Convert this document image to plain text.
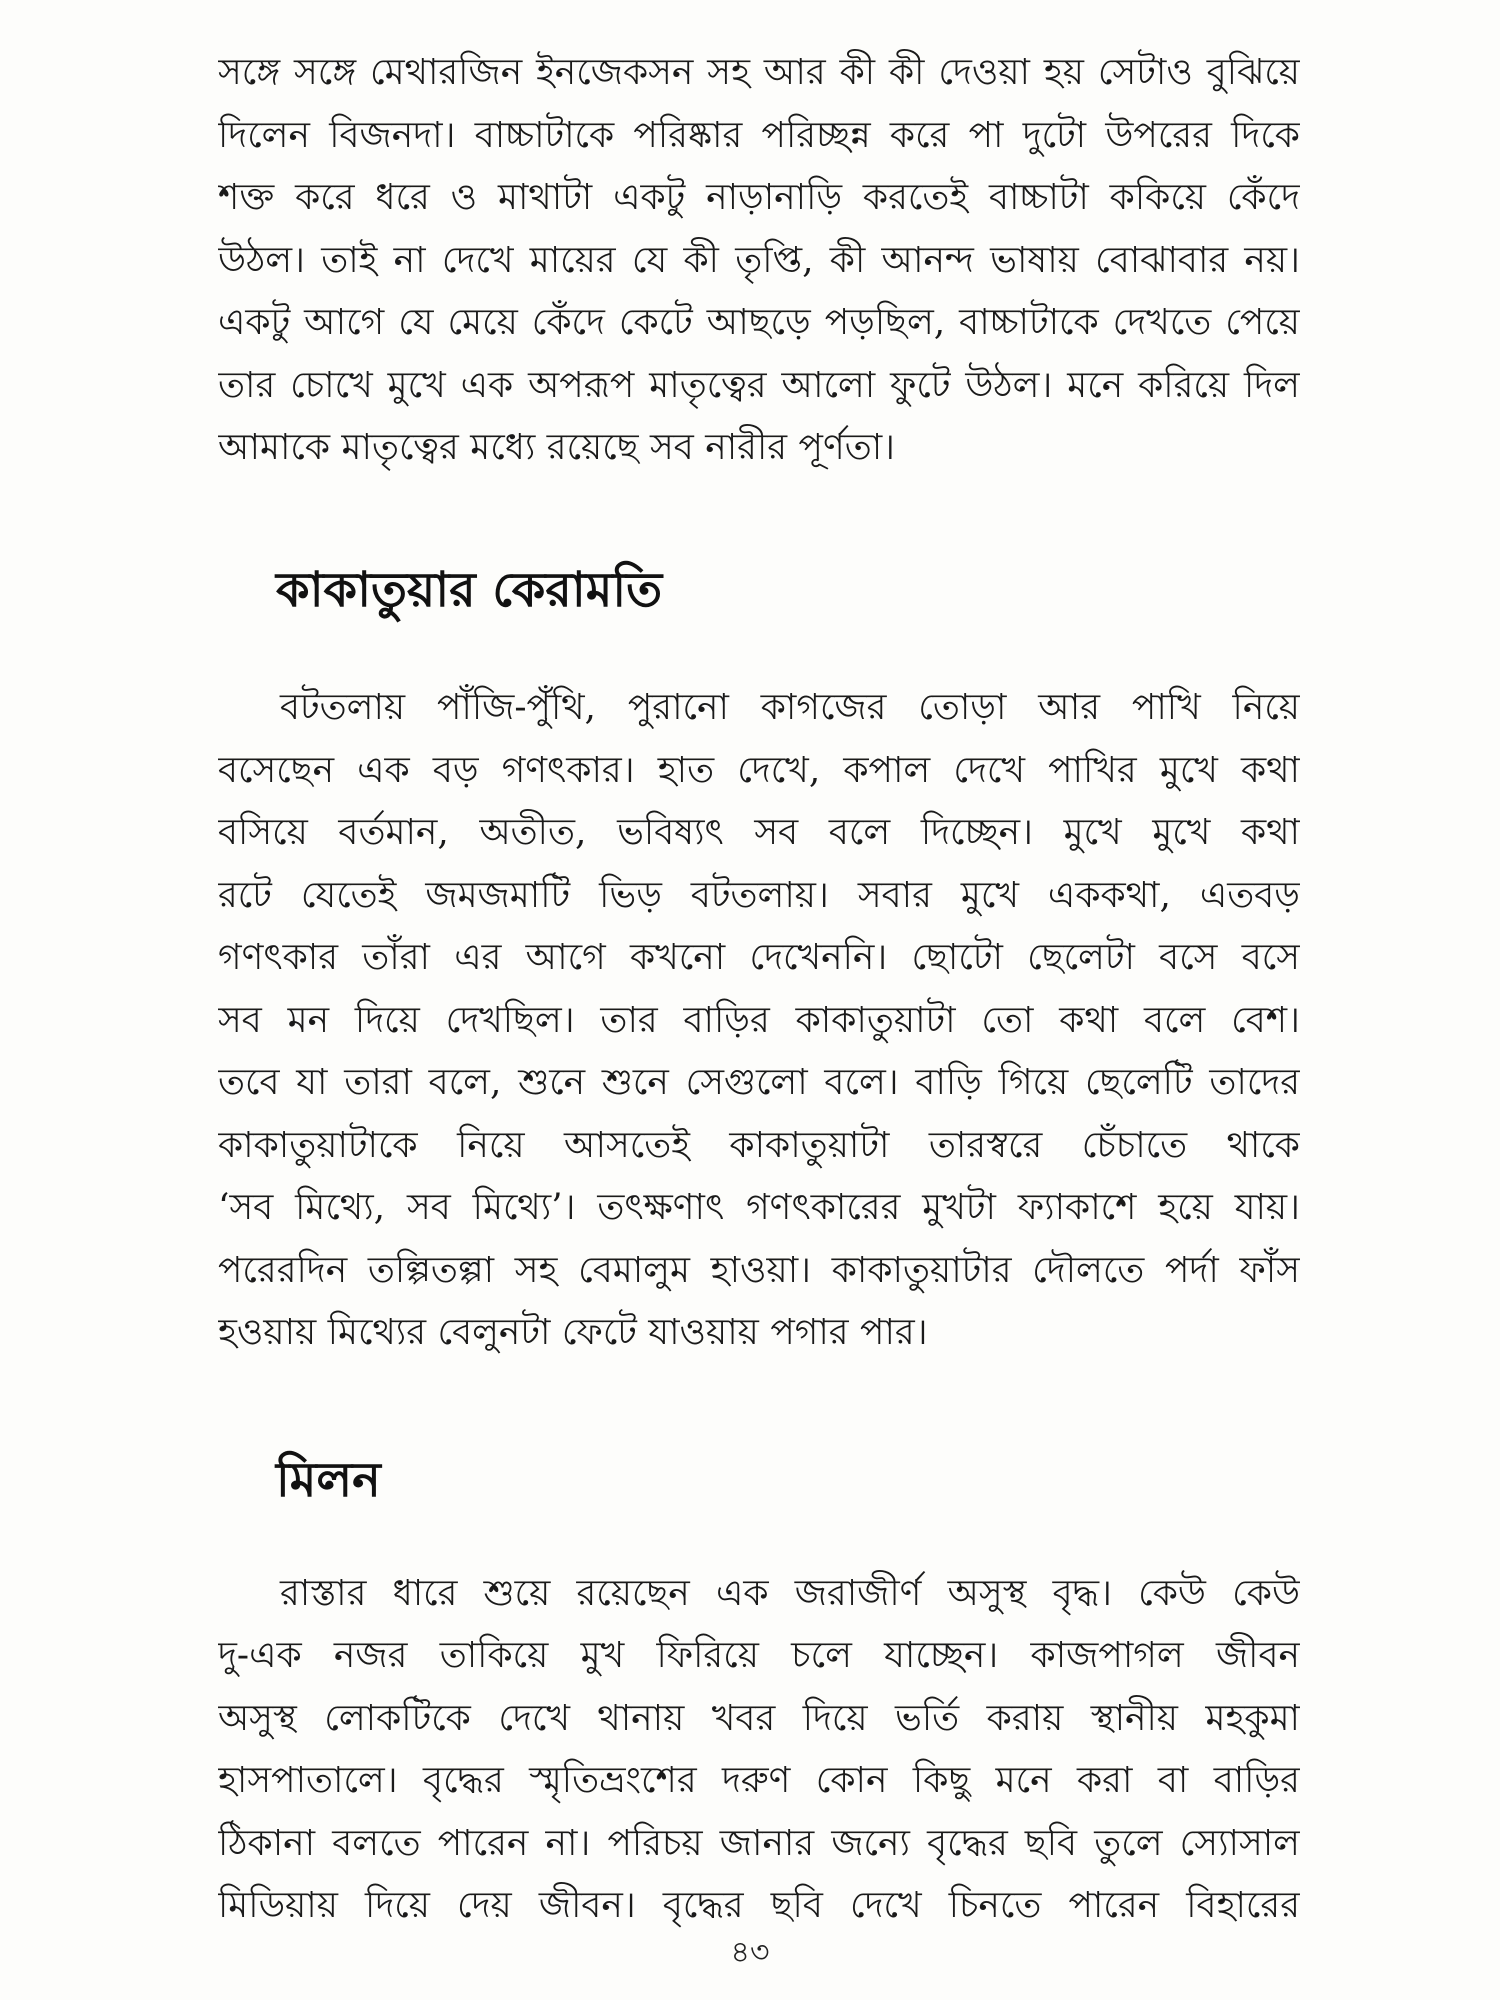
সঙ্গে সঙ্গে মেথারজিন ইনজেকসন সহ আর কী কী দেওয়া হয় সেটাও বুঝিয়ে
দিলেন বিজনদা। বাচ্চাটাকে পরিষ্কার পরিচ্ছন্ন করে পা দুটো উপরের দিকে
শক্ত করে ধরে ও মাথাটা একটু নাড়ানাড়ি করতেই বাচ্চাটা ককিয়ে কেঁদে
উঠল। তাই না দেখে মায়ের যে কী তৃপ্তি, কী আনন্দ ভাষায় বোঝাবার নয়।
একটু আগে যে মেয়ে কেঁদে কেটে আছড়ে পড়ছিল, বাচ্চাটাকে দেখতে পেয়ে
তার চোখে মুখে এক অপরূপ মাতৃত্বের আলো ফুটে উঠল। মনে করিয়ে দিল
আমাকে মাতৃত্বের মধ্যে রয়েছে সব নারীর পূর্ণতা।
কাকাতুয়ার কেরামতি
বটতলায় পাঁজি-পুঁথি, পুরানো কাগজের তোড়া আর পাখি নিয়ে
বসেছেন এক বড় গণৎকার। হাত দেখে, কপাল দেখে পাখির মুখে কথা
বসিয়ে বর্তমান, অতীত, ভবিষ্যৎ সব বলে দিচ্ছেন। মুখে মুখে কথা
রটে যেতেই জমজমাটি ভিড় বটতলায়। সবার মুখে এককথা, এতবড়
গণৎকার তাঁরা এর আগে কখনো দেখেননি। ছোটো ছেলেটা বসে বসে
সব মন দিয়ে দেখছিল। তার বাড়ির কাকাতুয়াটা তো কথা বলে বেশ।
তবে যা তারা বলে, শুনে শুনে সেগুলো বলে। বাড়ি গিয়ে ছেলেটি তাদের
কাকাতুয়াটাকে নিয়ে আসতেই কাকাতুয়াটা তারস্বরে চেঁচাতে থাকে
‘সব মিথ্যে, সব মিথ্যে’। তৎক্ষণাৎ গণৎকারের মুখটা ফ্যাকাশে হয়ে যায়।
পরেরদিন তল্পিতল্পা সহ বেমালুম হাওয়া। কাকাতুয়াটার দৌলতে পর্দা ফাঁস
হওয়ায় মিথ্যের বেলুনটা ফেটে যাওয়ায় পগার পার।
মিলন
রাস্তার ধারে শুয়ে রয়েছেন এক জরাজীর্ণ অসুস্থ বৃদ্ধ। কেউ কেউ
দু-এক নজর তাকিয়ে মুখ ফিরিয়ে চলে যাচ্ছেন। কাজপাগল জীবন
অসুস্থ লোকটিকে দেখে থানায় খবর দিয়ে ভর্তি করায় স্থানীয় মহকুমা
হাসপাতালে। বৃদ্ধের স্মৃতিভ্রংশের দরুণ কোন কিছু মনে করা বা বাড়ির
ঠিকানা বলতে পারেন না। পরিচয় জানার জন্যে বৃদ্ধের ছবি তুলে স্যোসাল
মিডিয়ায় দিয়ে দেয় জীবন। বৃদ্ধের ছবি দেখে চিনতে পারেন বিহারের
৪৩
